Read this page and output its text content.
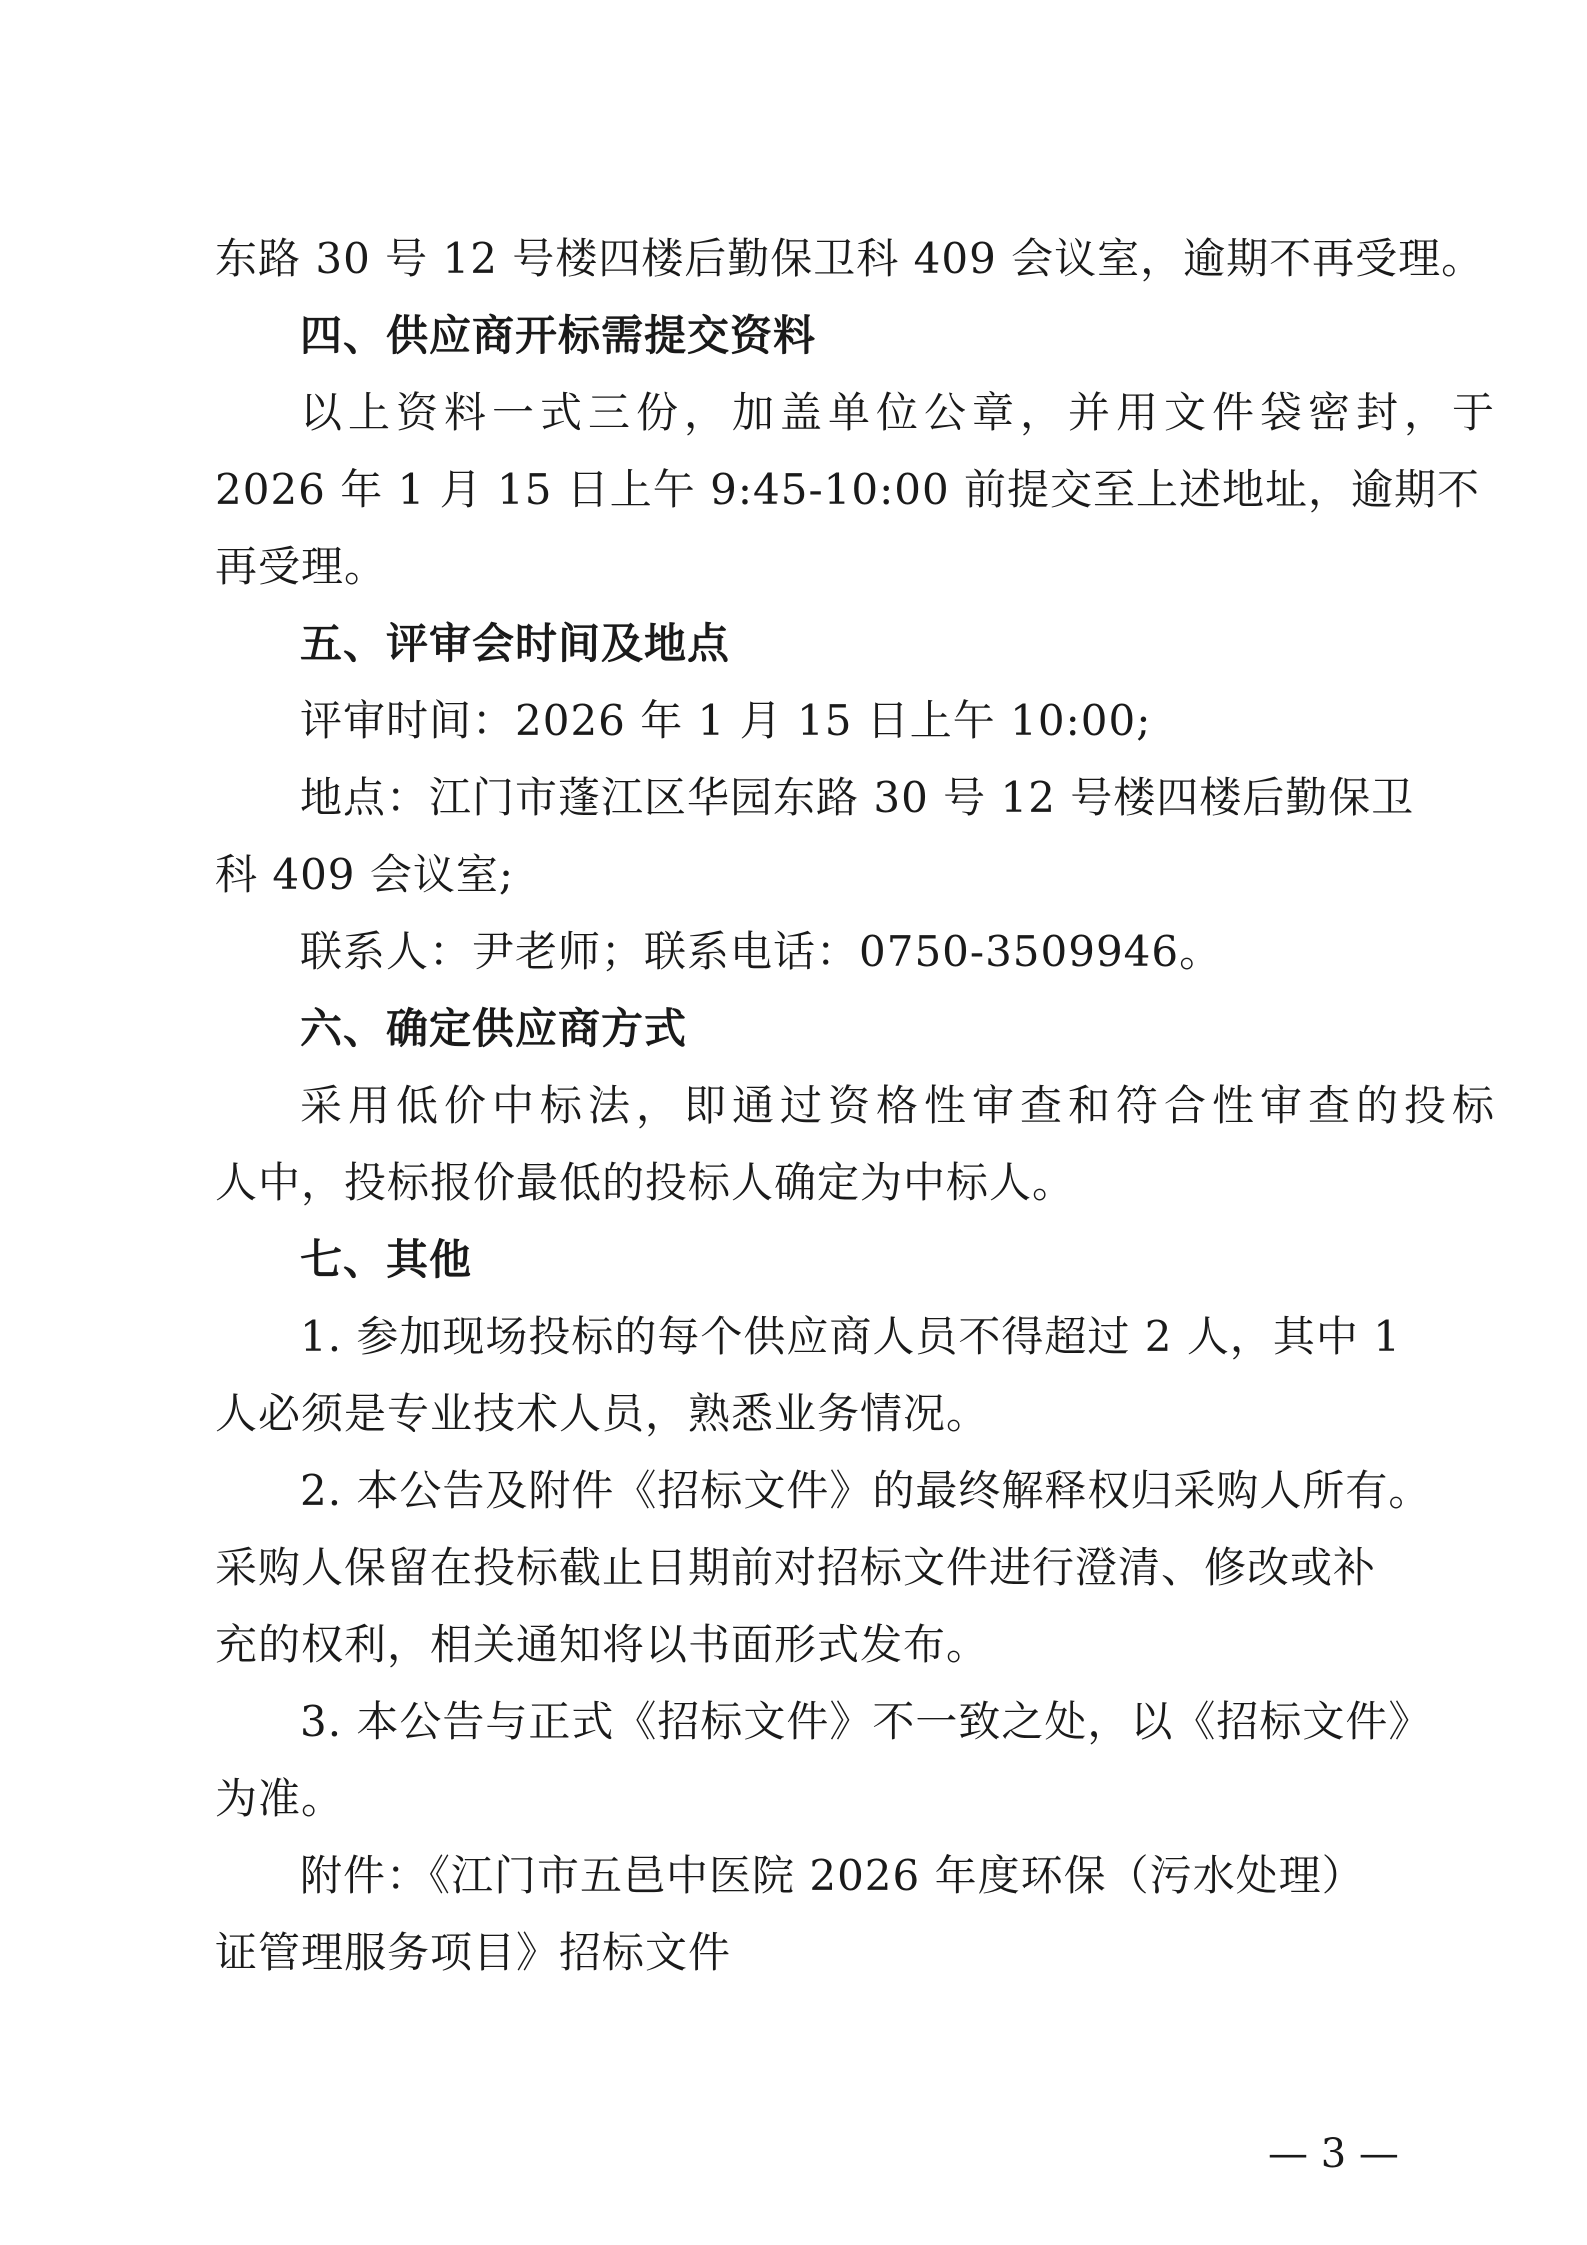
东路 30 号 12 号楼四楼后勤保卫科 409 会议室，逾期不再受理。
四、供应商开标需提交资料
以上资料一式三份，加盖单位公章，并用文件袋密封，于
2026 年 1 月 15 日上午 9:45-10:00 前提交至上述地址，逾期不
再受理。
五、评审会时间及地点
评审时间：2026 年 1 月 15 日上午 10:00;
地点：江门市蓬江区华园东路 30 号 12 号楼四楼后勤保卫
科 409 会议室;
联系人：尹老师；联系电话：0750-3509946。
六、确定供应商方式
采用低价中标法，即通过资格性审查和符合性审查的投标
人中，投标报价最低的投标人确定为中标人。
七、其他
1. 参加现场投标的每个供应商人员不得超过 2 人，其中 1
人必须是专业技术人员，熟悉业务情况。
2. 本公告及附件《招标文件》的最终解释权归采购人所有。
采购人保留在投标截止日期前对招标文件进行澄清、修改或补
充的权利，相关通知将以书面形式发布。
3. 本公告与正式《招标文件》不一致之处，以《招标文件》
为准。
附件：《江门市五邑中医院 2026 年度环保（污水处理）
证管理服务项目》招标文件
— 3 —
